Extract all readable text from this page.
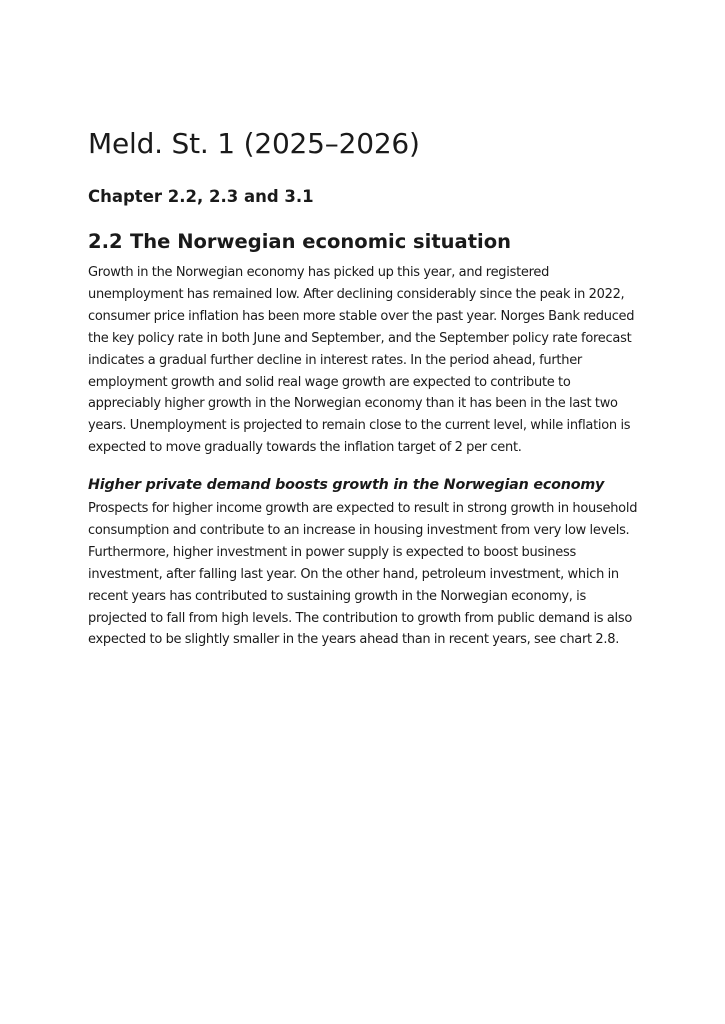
Meld. St. 1 (2025–2026)
Chapter 2.2, 2.3 and 3.1
2.2 The Norwegian economic situation

Growth in the Norwegian economy has picked up this year, and registered unemployment has remained low. After declining considerably since the peak in 2022, consumer price inflation has been more stable over the past year. Norges Bank reduced the key policy rate in both June and September, and the September policy rate forecast indicates a gradual further decline in interest rates. In the period ahead, further employment growth and solid real wage growth are expected to contribute to appreciably higher growth in the Norwegian economy than it has been in the last two years. Unemployment is projected to remain close to the current level, while inflation is expected to move gradually towards the inflation target of 2 per cent.

Higher private demand boosts growth in the Norwegian economy

Prospects for higher income growth are expected to result in strong growth in household consumption and contribute to an increase in housing investment from very low levels. Furthermore, higher investment in power supply is expected to boost business investment, after falling last year. On the other hand, petroleum investment, which in recent years has contributed to sustaining growth in the Norwegian economy, is projected to fall from high levels. The contribution to growth from public demand is also expected to be slightly smaller in the years ahead than in recent years, see chart 2.8.
